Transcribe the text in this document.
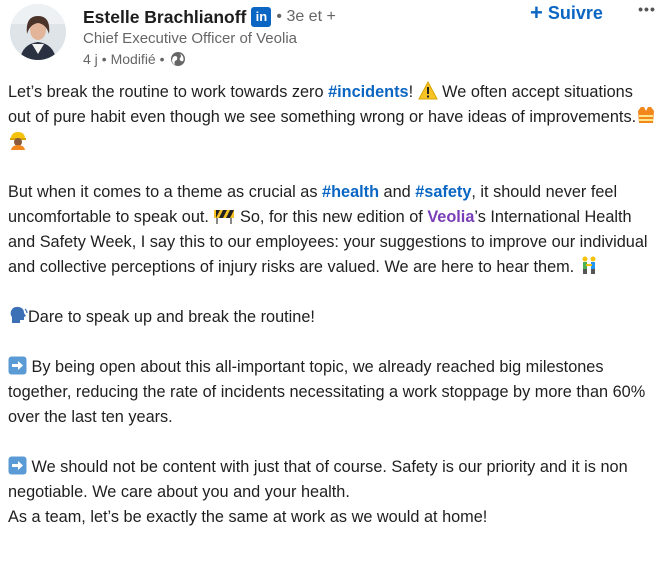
Estelle Brachlianoff in • 3e et +
Chief Executive Officer of Veolia
4 j • Modifié •
+ Suivre	•••

Let’s break the routine to work towards zero #incidents!
We often accept situations out of pure habit even though we see something wrong or have ideas of improvements.

But when it comes to a theme as crucial as #health and #safety, it should never feel uncomfortable to speak out.
So, for this new edition of Veolia’s International Health and Safety Week, I say this to our employees: your suggestions to improve our individual and collective perceptions of injury risks are valued. We are here to hear them.

Dare to speak up and break the routine!

By being open about this all-important topic, we already reached big milestones together, reducing the rate of incidents necessitating a work stoppage by more than 60% over the last ten years.

We should not be content with just that of course. Safety is our priority and it is non negotiable. We care about you and your health.

As a team, let’s be exactly the same at work as we would at home!
